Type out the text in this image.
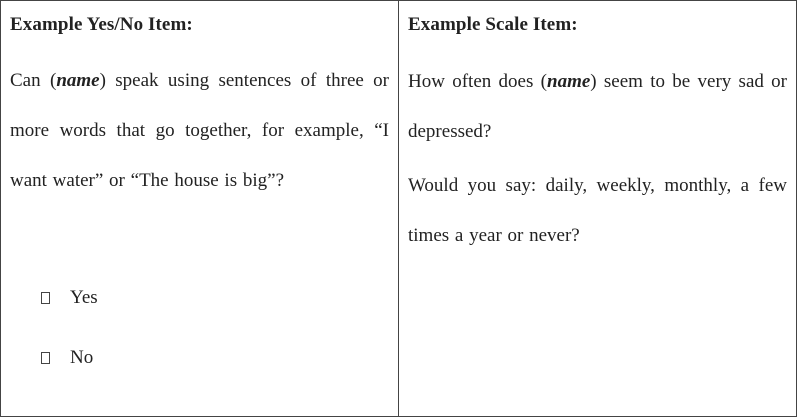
Example Yes/No Item:

Can (name) speak using sentences of three or more words that go together, for example, “I want water” or “The house is big”?

Yes
No

Example Scale Item:

How often does (name) seem to be very sad or depressed?

Would you say: daily, weekly, monthly, a few times a year or never?
